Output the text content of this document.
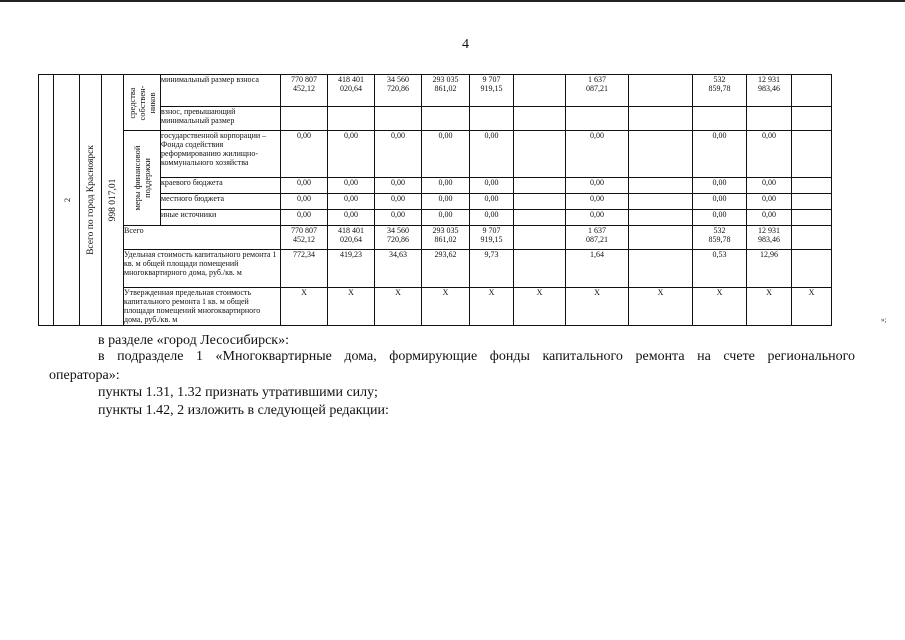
4

	2	Всего по город Красноярск	998 017,01	средства собствен-ников	минимальный размер взноса	770 807
452,12	418 401
020,64	34 560
720,86	293 035
861,02	9 707
919,15		1 637
087,21		532
859,78	12 931
983,46	
					взнос, превышающий минимальный размер											

				меры финансовой поддержки	государственной корпорации – Фонда содействия реформированию жилищно-коммунального хозяйства	0,00	0,00	0,00	0,00	0,00		0,00		0,00	0,00	
					краевого бюджета	0,00	0,00	0,00	0,00	0,00		0,00		0,00	0,00	
					местного бюджета	0,00	0,00	0,00	0,00	0,00		0,00		0,00	0,00	
					иные источники	0,00	0,00	0,00	0,00	0,00		0,00		0,00	0,00	
				Всего		770 807
452,12	418 401
020,64	34 560
720,86	293 035
861,02	9 707
919,15		1 637
087,21		532
859,78	12 931
983,46	
				Удельная стоимость капитального ремонта 1 кв. м общей площади помещений многоквартирного дома, руб./кв. м		772,34	419,23	34,63	293,62	9,73		1,64		0,53	12,96	
				Утвержденная предельная стоимость капитального ремонта 1 кв. м общей площади помещений многоквартирного дома, руб./кв. м		X	X	X	X	X	X	X	X	X	X	X
»;
в разделе «город Лесосибирск»:
в подразделе 1 «Многоквартирные дома, формирующие фонды капитального ремонта на счете регионального
оператора»:
пункты 1.31, 1.32 признать утратившими силу;
пункты 1.42, 2 изложить в следующей редакции:
